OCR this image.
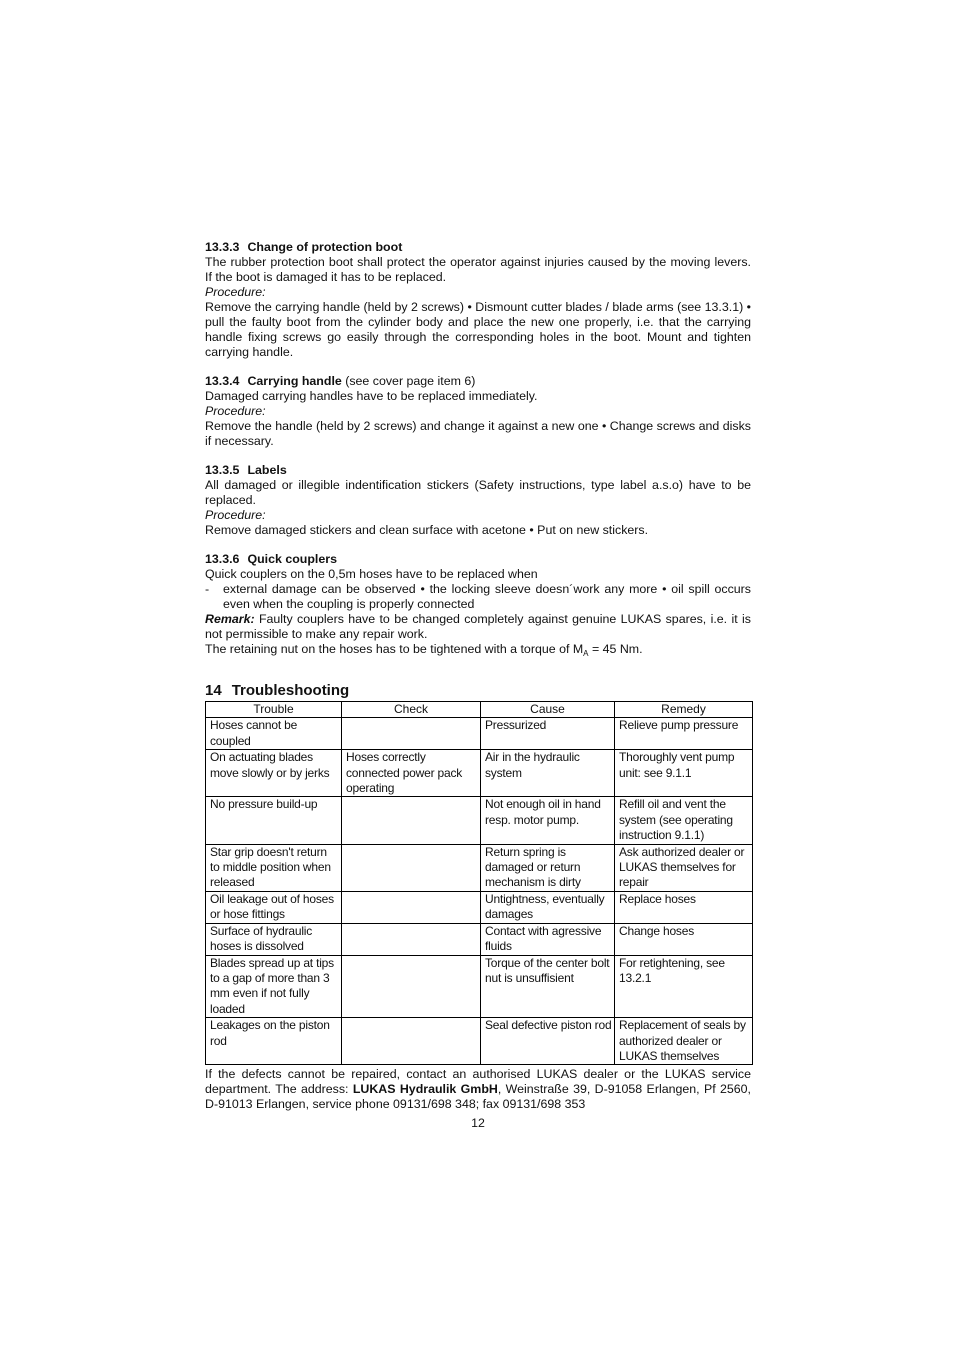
13.3.3 Change of protection boot

The rubber protection boot shall protect the operator against injuries caused by the moving levers. If the boot is damaged it has to be replaced.

Procedure:

Remove the carrying handle (held by 2 screws) • Dismount cutter blades / blade arms (see 13.3.1) • pull the faulty boot from the cylinder body and place the new one properly, i.e. that the carrying handle fixing screws go easily through the corresponding holes in the boot. Mount and tighten carrying handle.

13.3.4 Carrying handle (see cover page item 6)

Damaged carrying handles have to be replaced immediately.

Procedure:

Remove the handle (held by 2 screws) and change it against a new one • Change screws and disks if necessary.

13.3.5 Labels

All damaged or illegible indentification stickers (Safety instructions, type label a.s.o) have to be replaced.

Procedure:

Remove damaged stickers and clean surface with acetone • Put on new stickers.

13.3.6 Quick couplers

Quick couplers on the 0,5m hoses have to be replaced when

-	external damage can be observed • the locking sleeve doesn´work any more • oil spill occurs even when the coupling is properly connected

Remark: Faulty couplers have to be changed completely against genuine LUKAS spares, i.e. it is not permissible to make any repair work.

The retaining nut on the hoses has to be tightened with a torque of $M_A = 45$ Nm.

14 Troubleshooting
Trouble	Check	Cause	Remedy
Hoses cannot be coupled		Pressurized	Relieve pump pressure
On actuating blades move slowly or by jerks	Hoses correctly connected power pack operating	Air in the hydraulic system	Thoroughly vent pump unit: see 9.1.1
No pressure build-up		Not enough oil in hand resp. motor pump.	Refill oil and vent the system (see operating instruction 9.1.1)
Star grip doesn't return to middle position when released		Return spring is damaged or return mechanism is dirty	Ask authorized dealer or LUKAS themselves for repair
Oil leakage out of hoses or hose fittings		Untightness, eventually damages	Replace hoses
Surface of hydraulic hoses is dissolved		Contact with agressive fluids	Change hoses
Blades spread up at tips to a gap of more than 3 mm even if not fully loaded		Torque of the center bolt nut is unsuffisient	For retightening, see 13.2.1
Leakages on the piston rod		Seal defective piston rod	Replacement of seals by authorized dealer or LUKAS themselves

If the defects cannot be repaired, contact an authorised LUKAS dealer or the LUKAS service department. The address: LUKAS Hydraulik GmbH, Weinstraße 39, D-91058 Erlangen, Pf 2560, D-91013 Erlangen, service phone 09131/698 348; fax 09131/698 353

12
